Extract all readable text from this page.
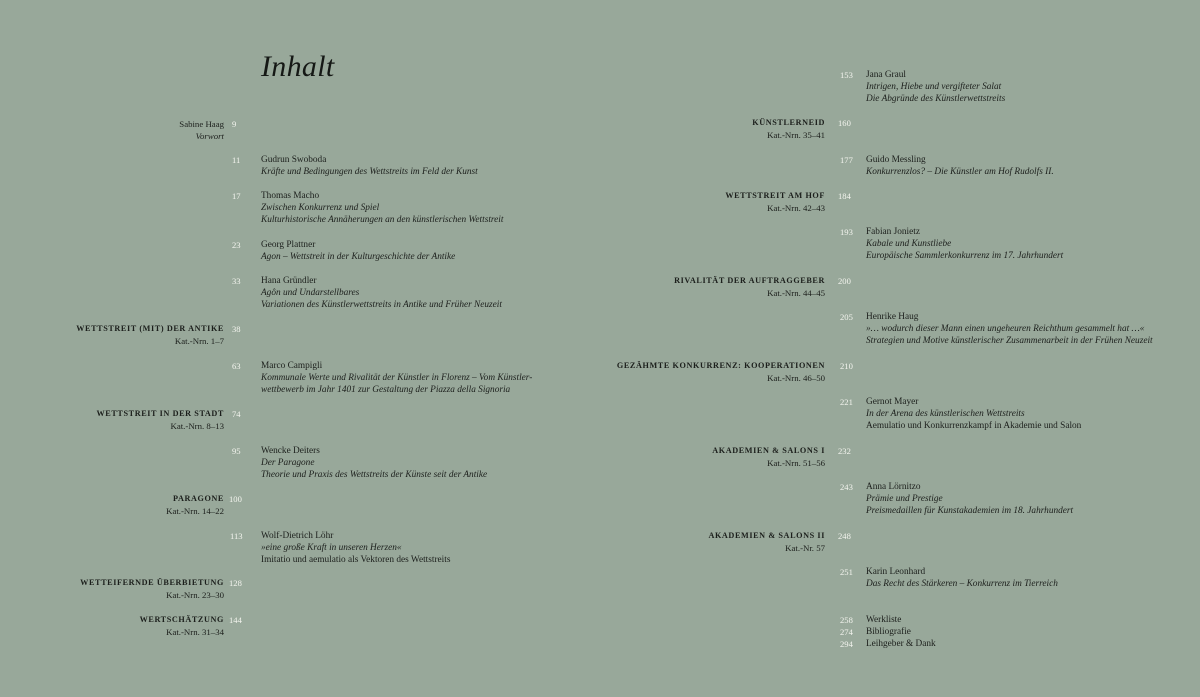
Inhalt
Sabine Haag
Vorwort
9
WETTSTREIT (MIT) DER ANTIKE
Kat.-Nrn. 1–7
38
WETTSTREIT IN DER STADT
Kat.-Nrn. 8–13
74
PARAGONE
Kat.-Nrn. 14–22
100
WETTEIFERNDE ÜBERBIETUNG
Kat.-Nrn. 23–30
128
WERTSCHÄTZUNG
Kat.-Nrn. 31–34
144
11 Gudrun Swoboda
Kräfte und Bedingungen des Wettstreits im Feld der Kunst
17 Thomas Macho
Zwischen Konkurrenz und Spiel
Kulturhistorische Annäherungen an den künstlerischen Wettstreit
23 Georg Plattner
Agon – Wettstreit in der Kulturgeschichte der Antike
33 Hana Gründler
Agôn und Undarstellbares
Variationen des Künstlerwettstreits in Antike und Früher Neuzeit
63 Marco Campigli
Kommunale Werte und Rivalität der Künstler in Florenz – Vom Künstler-
wettbewerb im Jahr 1401 zur Gestaltung der Piazza della Signoria
95 Wencke Deiters
Der Paragone
Theorie und Praxis des Wettstreits der Künste seit der Antike
113 Wolf-Dietrich Löhr
»eine große Kraft in unseren Herzen«
Imitatio und aemulatio als Vektoren des Wettstreits
KÜNSTLERNEID
Kat.-Nrn. 35–41
160
WETTSTREIT AM HOF
Kat.-Nrn. 42–43
184
RIVALITÄT DER AUFTRAGGEBER
Kat.-Nrn. 44–45
200
GEZÄHMTE KONKURRENZ: KOOPERATIONEN
Kat.-Nrn. 46–50
210
AKADEMIEN & SALONS I
Kat.-Nrn. 51–56
232
AKADEMIEN & SALONS II
Kat.-Nr. 57
248
153 Jana Graul
Intrigen, Hiebe und vergifteter Salat
Die Abgründe des Künstlerwettstreits
177 Guido Messling
Konkurrenzlos? – Die Künstler am Hof Rudolfs II.
193 Fabian Jonietz
Kabale und Kunstliebe
Europäische Sammlerkonkurrenz im 17. Jahrhundert
205 Henrike Haug
»… wodurch dieser Mann einen ungeheuren Reichthum gesammelt hat …«
Strategien und Motive künstlerischer Zusammenarbeit in der Frühen Neuzeit
221 Gernot Mayer
In der Arena des künstlerischen Wettstreits
Aemulatio und Konkurrenzkampf in Akademie und Salon
243 Anna Lörnitzo
Prämie und Prestige
Preismedaillen für Kunstakademien im 18. Jahrhundert
251 Karin Leonhard
Das Recht des Stärkeren – Konkurrenz im Tierreich
258 Werkliste
274 Bibliografie
294 Leihgeber & Dank
